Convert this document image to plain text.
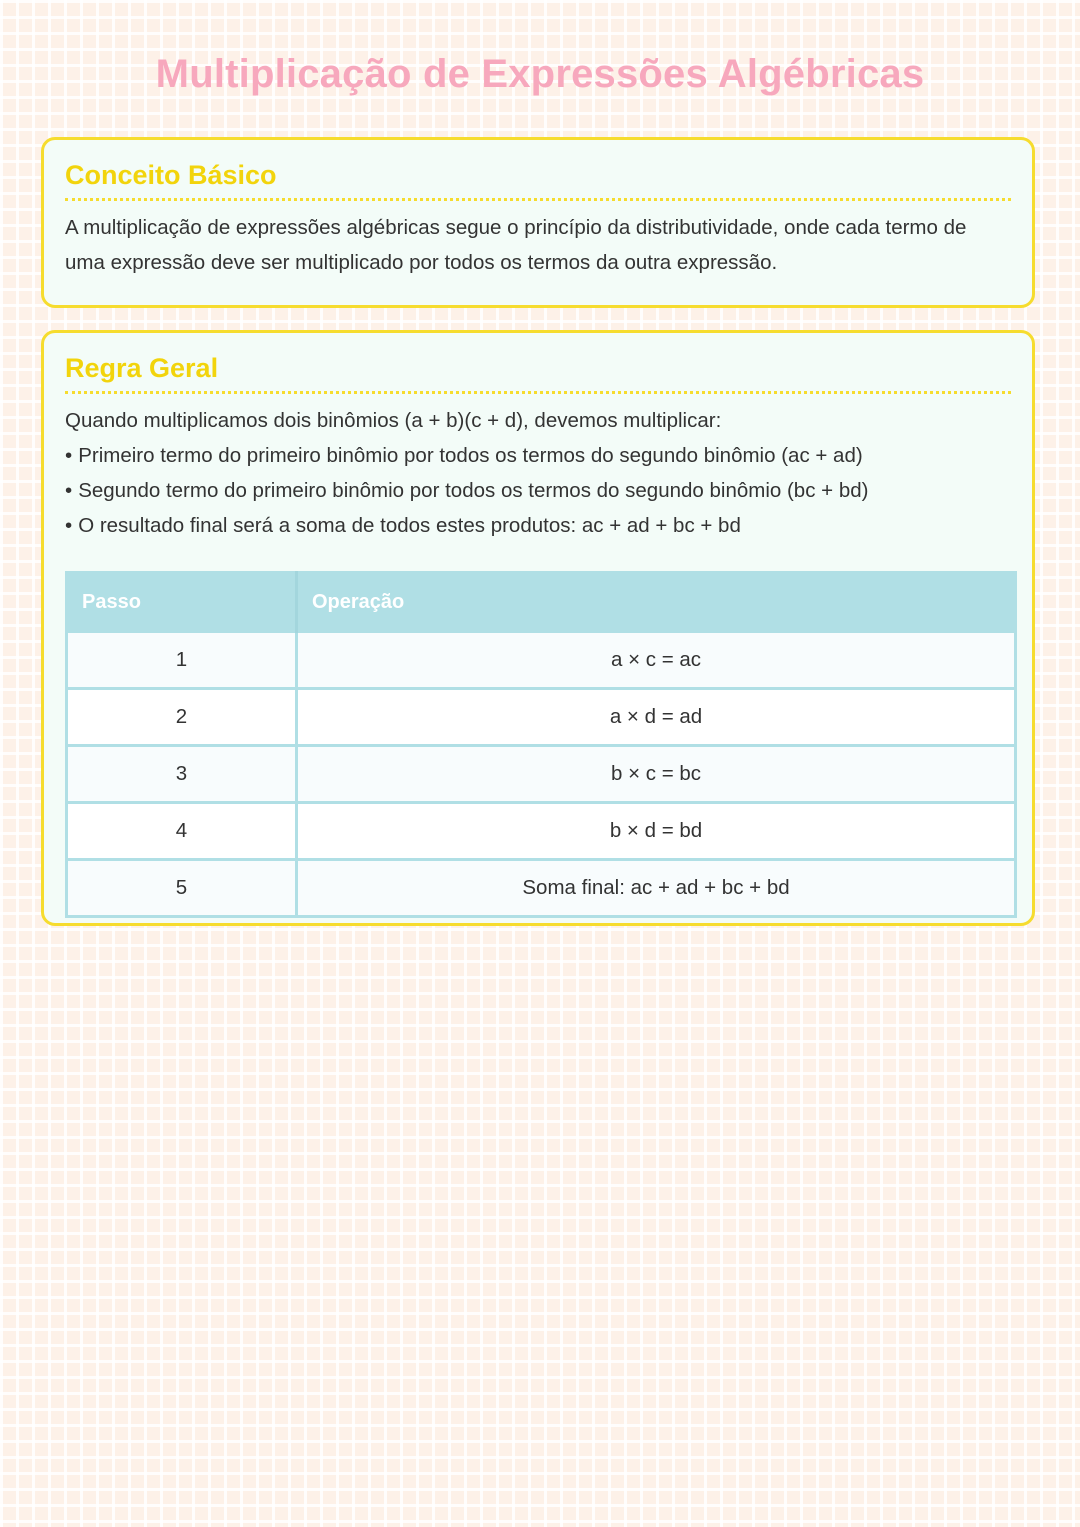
Multiplicação de Expressões Algébricas
Conceito Básico

A multiplicação de expressões algébricas segue o princípio da distributividade, onde cada termo de uma expressão deve ser multiplicado por todos os termos da outra expressão.

Regra Geral

Quando multiplicamos dois binômios (a + b)(c + d), devemos multiplicar:

• Primeiro termo do primeiro binômio por todos os termos do segundo binômio (ac + ad)
• Segundo termo do primeiro binômio por todos os termos do segundo binômio (bc + bd)
• O resultado final será a soma de todos estes produtos: ac + ad + bc + bd
Passo	Operação
1	a × c = ac
2	a × d = ad
3	b × c = bc
4	b × d = bd
5	Soma final: ac + ad + bc + bd
